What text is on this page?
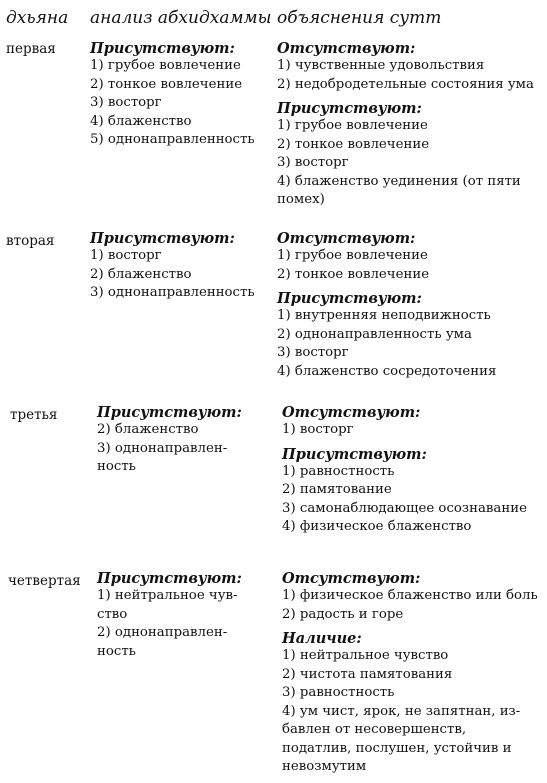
дхьяна анализ абхидхаммы объяснения сутт
первая Присутствуют:
1) грубое вовлечение
2) тонкое вовлечение
3) восторг
4) блаженство
5) однонаправленность
Отсутствуют:
1) чувственные удовольствия
2) недобродетельные состояния ума
Присутствуют:
1) грубое вовлечение
2) тонкое вовлечение
3) восторг
4) блаженство уединения (от пяти помех)
вторая Присутствуют:
1) восторг
2) блаженство
3) однонаправленность
Отсутствуют:
1) грубое вовлечение
2) тонкое вовлечение
Присутствуют:
1) внутренняя неподвижность
2) однонаправленность ума
3) восторг
4) блаженство сосредоточения
третья	Присутствуют:
2) блаженство
3) однонаправлен-ность
Отсутствуют:
1) восторг
Присутствуют:
1) равностность
2) памятование
3) самонаблюдающее осознавание
4) физическое блаженство
четвертая Присутствуют:
1) нейтральное чув-ство
2) однонаправлен-ность
Отсутствуют:
1) физическое блаженство или боль
2) радость и горе
Наличие:
1) нейтральное чувство
2) чистота памятования
3) равностность
4) ум чист, ярок, не запятнан, из-бавлен от несовершенств, податлив, послушен, устойчив и невозмутим
